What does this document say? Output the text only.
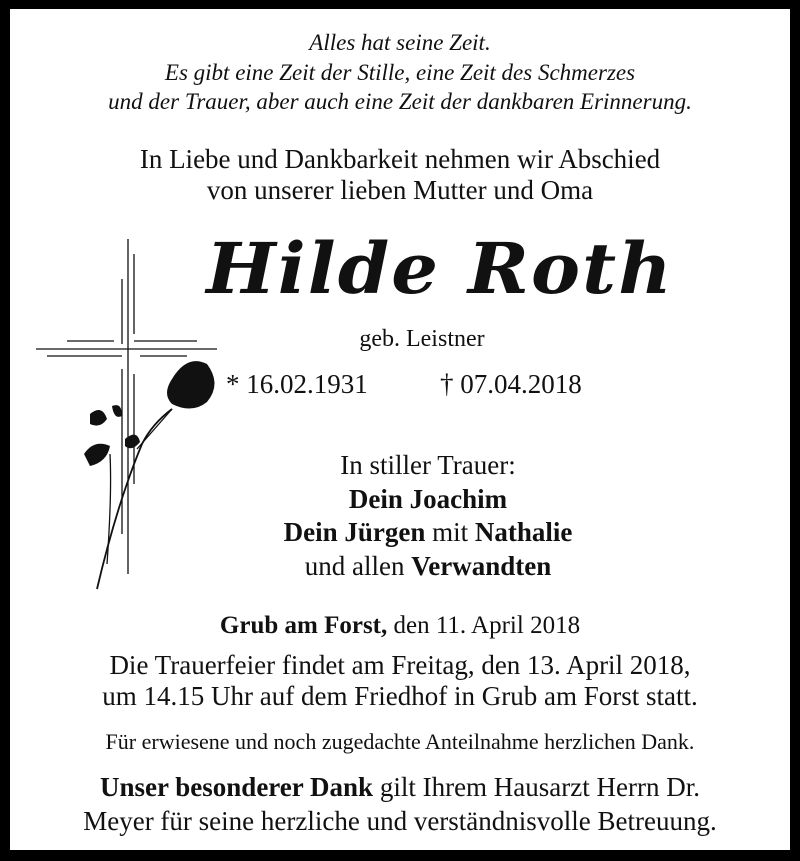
Alles hat seine Zeit.
Es gibt eine Zeit der Stille, eine Zeit des Schmerzes
und der Trauer, aber auch eine Zeit der dankbaren Erinnerung.
In Liebe und Dankbarkeit nehmen wir Abschied
von unserer lieben Mutter und Oma
Hilde Roth
geb. Leistner
* 16.02.1931	† 07.04.2018
In stiller Trauer:
Dein Joachim
Dein Jürgen mit Nathalie
und allen Verwandten
Grub am Forst, den 11. April 2018
Die Trauerfeier findet am Freitag, den 13. April 2018,
um 14.15 Uhr auf dem Friedhof in Grub am Forst statt.
Für erwiesene und noch zugedachte Anteilnahme herzlichen Dank.
Unser besonderer Dank gilt Ihrem Hausarzt Herrn Dr.
Meyer für seine herzliche und verständnisvolle Betreuung.
